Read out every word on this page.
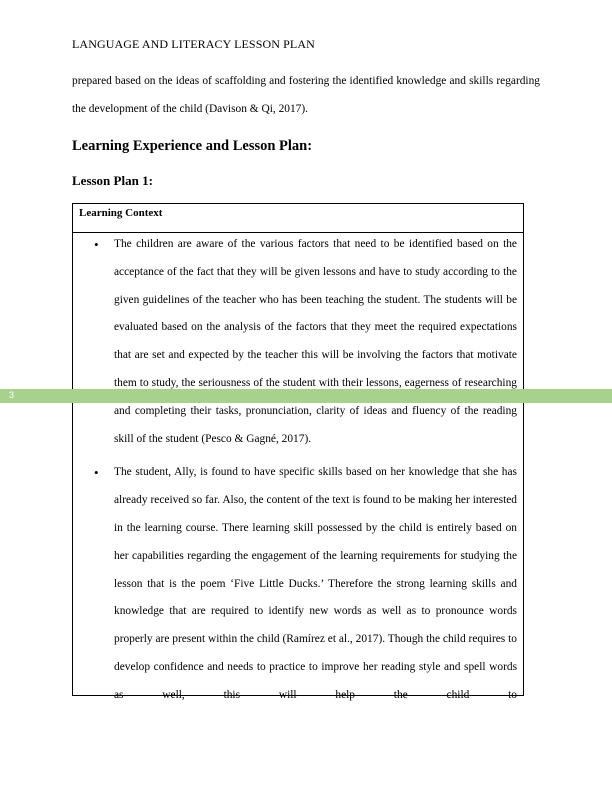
LANGUAGE AND LITERACY LESSON PLAN
prepared based on the ideas of scaffolding and fostering the identified knowledge and skills regarding the development of the child (Davison & Qi, 2017).
Learning Experience and Lesson Plan:
Lesson Plan 1:
Learning Context
• The children are aware of the various factors that need to be identified based on the acceptance of the fact that they will be given lessons and have to study according to the given guidelines of the teacher who has been teaching the student. The students will be evaluated based on the analysis of the factors that they meet the required expectations that are set and expected by the teacher this will be involving the factors that motivate them to study, the seriousness of the student with their lessons, eagerness of researching and completing their tasks, pronunciation, clarity of ideas and fluency of the reading skill of the student (Pesco & Gagné, 2017).
• The student, Ally, is found to have specific skills based on her knowledge that she has already received so far. Also, the content of the text is found to be making her interested in the learning course. There learning skill possessed by the child is entirely based on her capabilities regarding the engagement of the learning requirements for studying the lesson that is the poem ‘Five Little Ducks.’ Therefore the strong learning skills and knowledge that are required to identify new words as well as to pronounce words properly are present within the child (Ramírez et al., 2017). Though the child requires to develop confidence and needs to practice to improve her reading style and spell words as well, this will help the child to
3
